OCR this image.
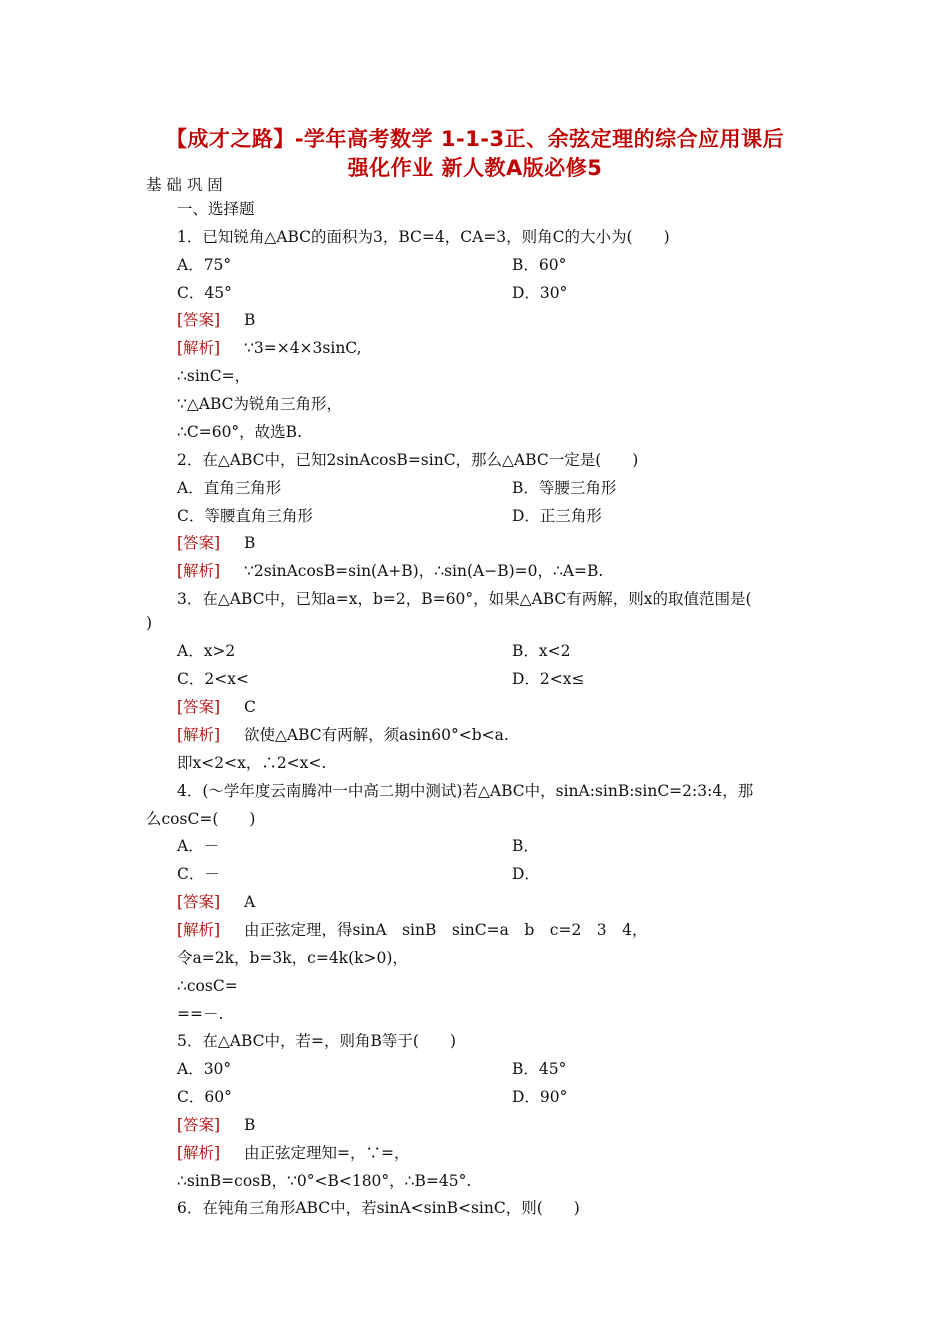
【成才之路】-学年高考数学 1-1-3正、余弦定理的综合应用课后
强化作业 新人教A版必修5
基 础 巩 固
一、选择题
1．已知锐角△ABC的面积为3，BC=4，CA=3，则角C的大小为(　　)
A．75°	B．60°
C．45°	D．30°
[答案] B
[解析] ∵3=×4×3sinC,
∴sinC=，
∵△ABC为锐角三角形，
∴C=60°，故选B.
2．在△ABC中，已知2sinAcosB=sinC，那么△ABC一定是(　　)
A．直角三角形	B．等腰三角形
C．等腰直角三角形	D．正三角形
[答案] B
[解析] ∵2sinAcosB=sin(A+B)，∴sin(A−B)=0，∴A=B.
3．在△ABC中，已知a=x，b=2，B=60°，如果△ABC有两解，则x的取值范围是(
)
A．x>2	B．x<2
C．2<x<	D．2<x≤
[答案] C
[解析] 欲使△ABC有两解，须asin60°<b<a.
即x<2<x，∴2<x<.
4．(～学年度云南腾冲一中高二期中测试)若△ABC中，sinA:sinB:sinC=2:3:4，那
么cosC=(　　)
A．－	B．
C．－	D．
[答案] A
[解析] 由正弦定理，得sinA　sinB　sinC=a　b　c=2　3　4，
令a=2k，b=3k，c=4k(k>0)，
∴cosC=
==－.
5．在△ABC中，若=，则角B等于(　　)
A．30°	B．45°
C．60°	D．90°
[答案] B
[解析] 由正弦定理知=，∵=，
∴sinB=cosB，∵0°<B<180°，∴B=45°.
6．在钝角三角形ABC中，若sinA<sinB<sinC，则(　　)
